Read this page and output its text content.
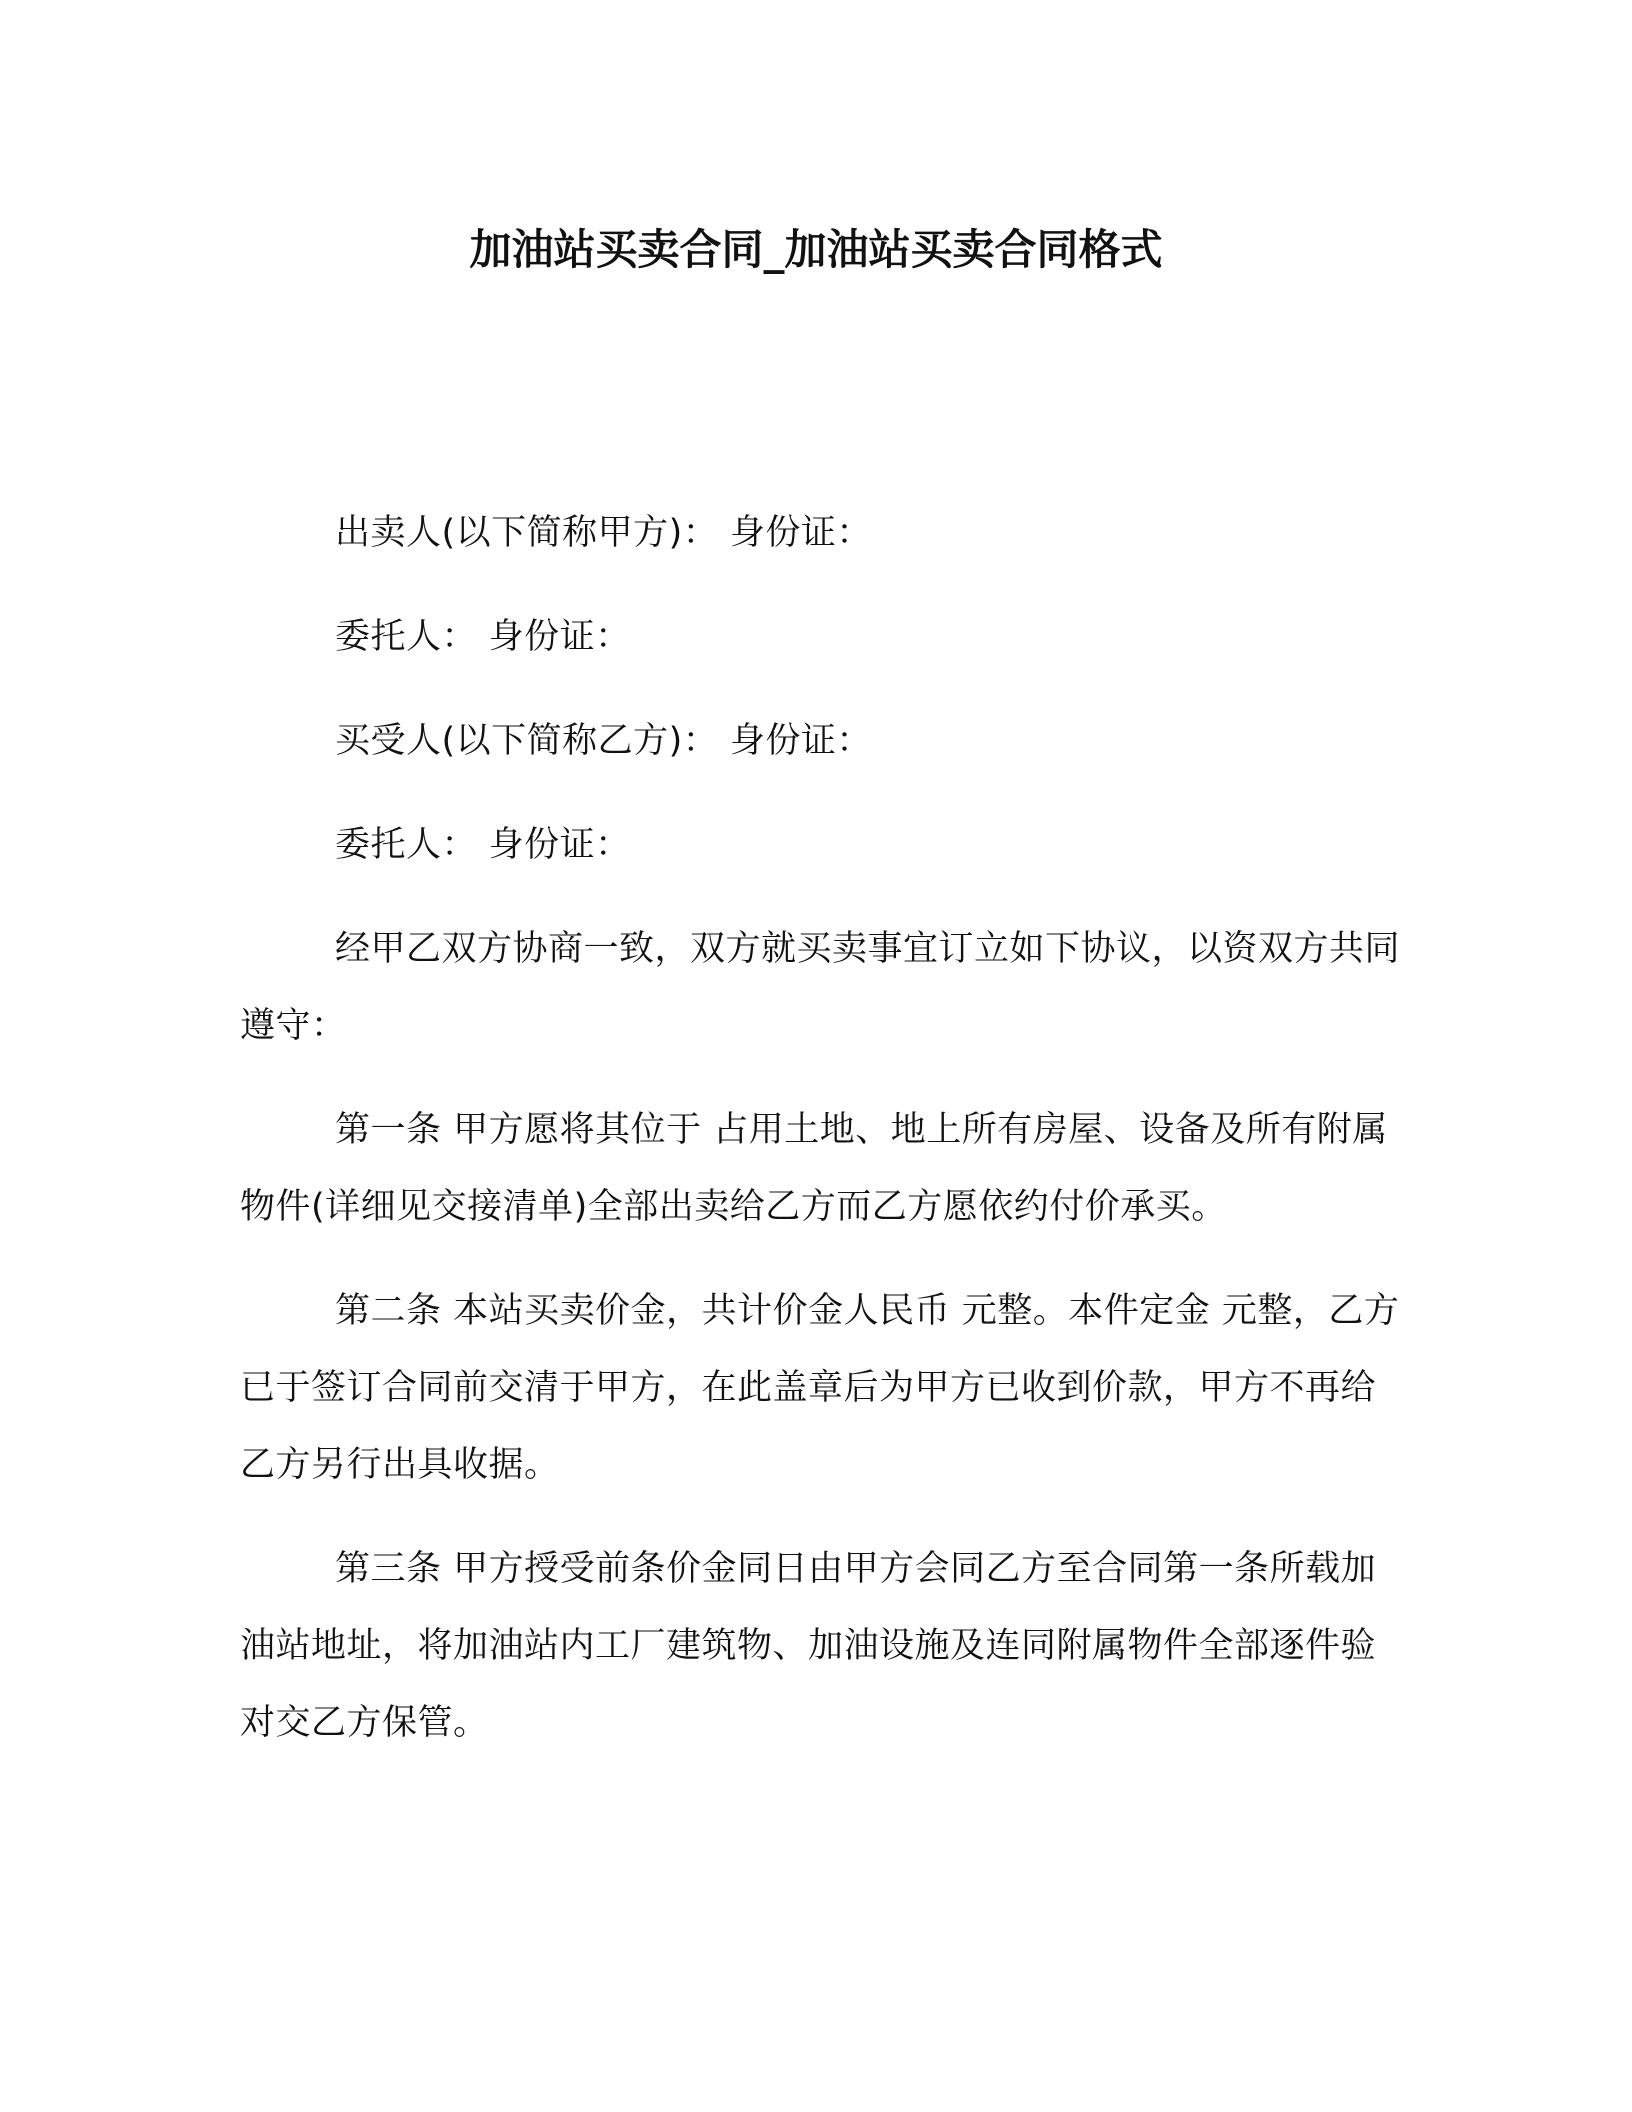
加油站买卖合同_加油站买卖合同格式

出卖人(以下简称甲方)： 身份证：

委托人： 身份证：

买受人(以下简称乙方)： 身份证：

委托人： 身份证：

经甲乙双方协商一致，双方就买卖事宜订立如下协议，以资双方共同遵守：

第一条 甲方愿将其位于 占用土地、地上所有房屋、设备及所有附属物件(详细见交接清单)全部出卖给乙方而乙方愿依约付价承买。

第二条 本站买卖价金，共计价金人民币 元整。本件定金 元整，乙方已于签订合同前交清于甲方，在此盖章后为甲方已收到价款，甲方不再给乙方另行出具收据。

第三条 甲方授受前条价金同日由甲方会同乙方至合同第一条所载加油站地址，将加油站内工厂建筑物、加油设施及连同附属物件全部逐件验对交乙方保管。
